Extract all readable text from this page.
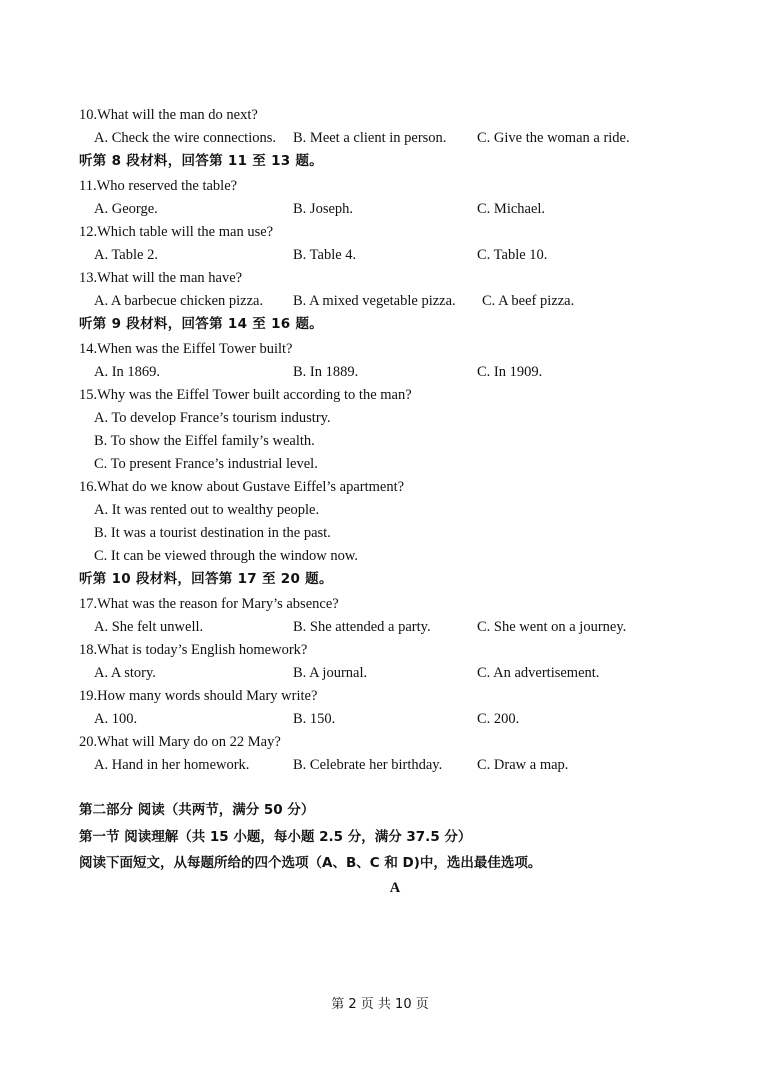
10.What will the man do next?
A. Check the wire connections. B. Meet a client in person. C. Give the woman a ride.
听第 8 段材料，回答第 11 至 13 题。
11.Who reserved the table?
A. George.	B. Joseph.	C. Michael.
12.Which table will the man use?
A. Table 2.	B. Table 4.	C. Table 10.
13.What will the man have?
A. A barbecue chicken pizza. B. A mixed vegetable pizza. C. A beef pizza.
听第 9 段材料，回答第 14 至 16 题。
14.When was the Eiffel Tower built?
A. In 1869.	B. In 1889.	C. In 1909.
15.Why was the Eiffel Tower built according to the man?
A. To develop France’s tourism industry.
B. To show the Eiffel family’s wealth.
C. To present France’s industrial level.
16.What do we know about Gustave Eiffel’s apartment?
A. It was rented out to wealthy people.
B. It was a tourist destination in the past.
C. It can be viewed through the window now.
听第 10 段材料，回答第 17 至 20 题。
17.What was the reason for Mary’s absence?
A. She felt unwell.	B. She attended a party.	C. She went on a journey.
18.What is today’s English homework?
A. A story.	B. A journal.	C. An advertisement.
19.How many words should Mary write?
A. 100.	B. 150.	C. 200.
20.What will Mary do on 22 May?
A. Hand in her homework.	B. Celebrate her birthday. C. Draw a map.
第二部分 阅读（共两节，满分 50 分）
第一节 阅读理解（共 15 小题，每小题 2.5 分，满分 37.5 分）
阅读下面短文，从每题所给的四个选项（A、B、C 和 D)中，选出最佳选项。
A
第 2 页 共 10 页
